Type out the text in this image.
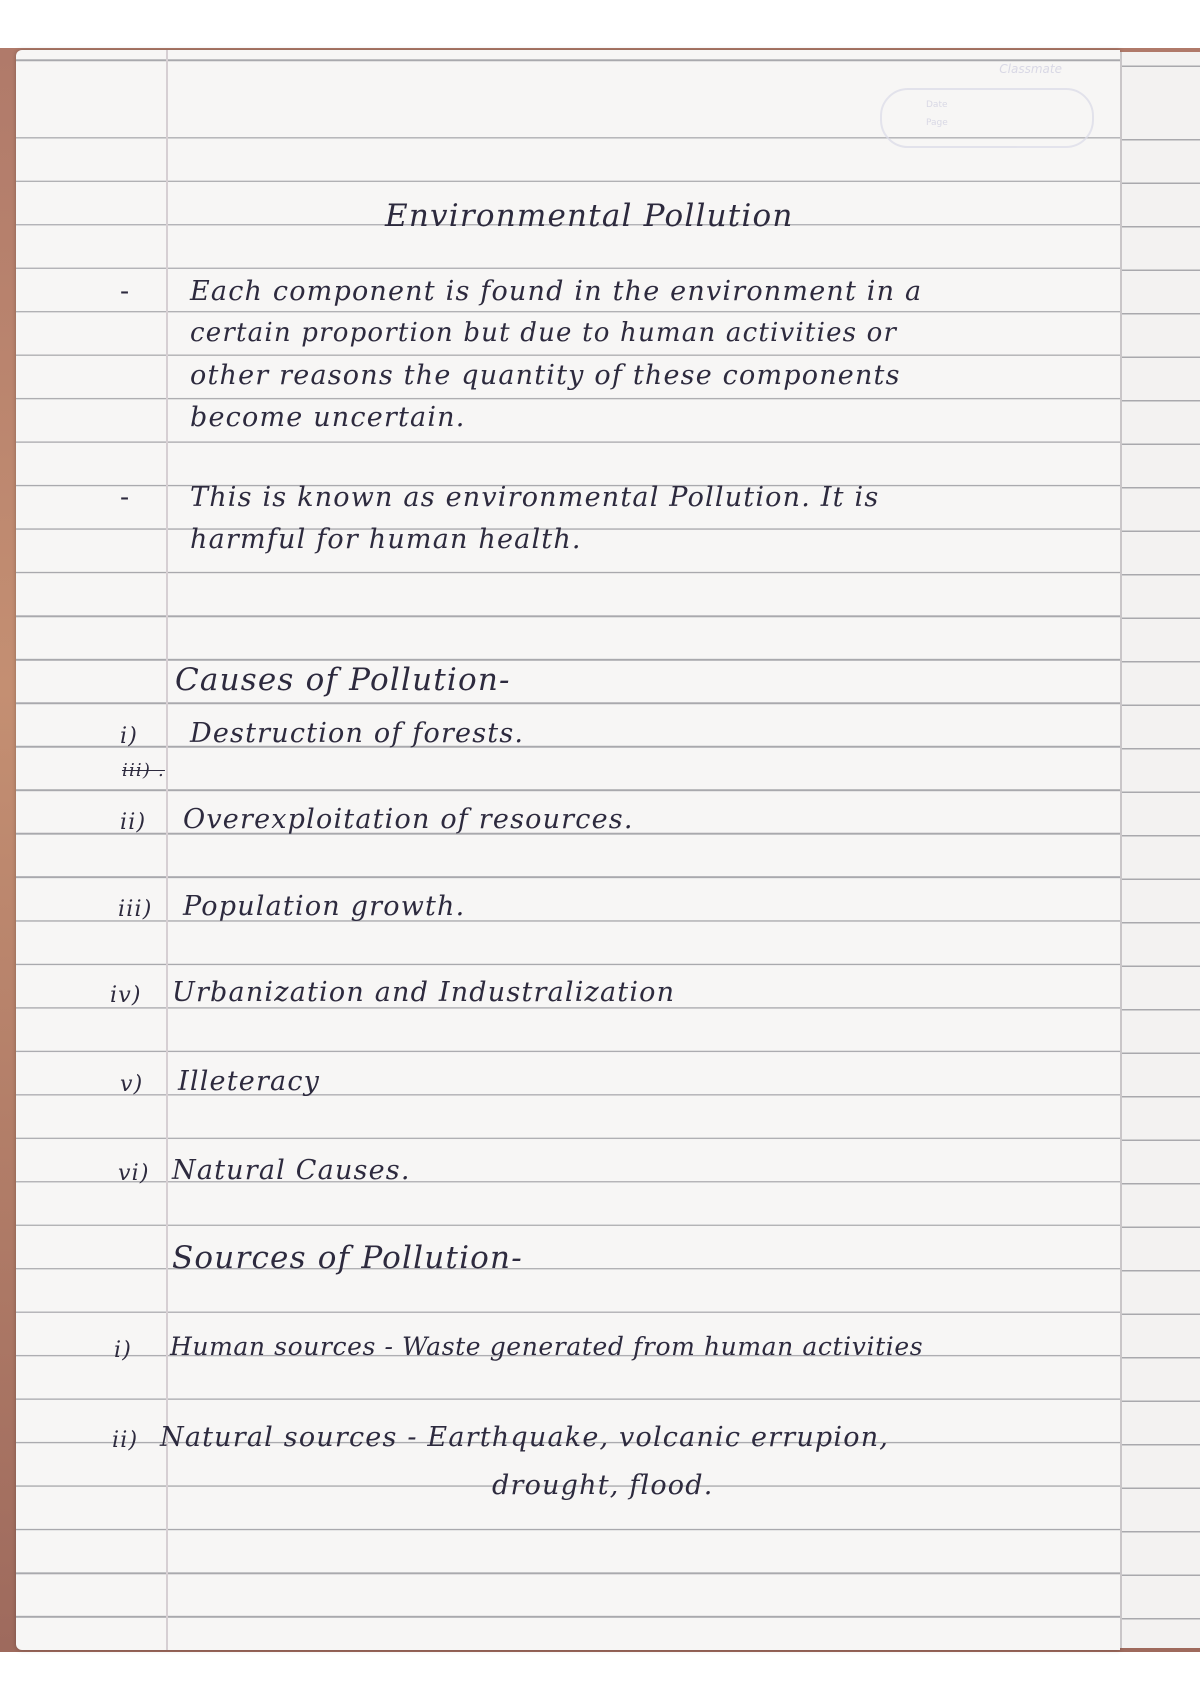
Classmate
Date
Page
Environmental Pollution
- Each component is found in the environment in a
certain proportion but due to human activities or
other reasons the quantity of these components
become uncertain.
- This is known as environmental Pollution. It is
harmful for human health.
Causes of Pollution-
i) Destruction of forests.
iii) .
ii) Overexploitation of resources.
iii) Population growth.
iv) Urbanization and Industralization
v) Illeteracy
vi) Natural Causes.
Sources of Pollution-
i) Human sources - Waste generated from human activities
ii) Natural sources - Earthquake, volcanic errupion,
drought, flood.
